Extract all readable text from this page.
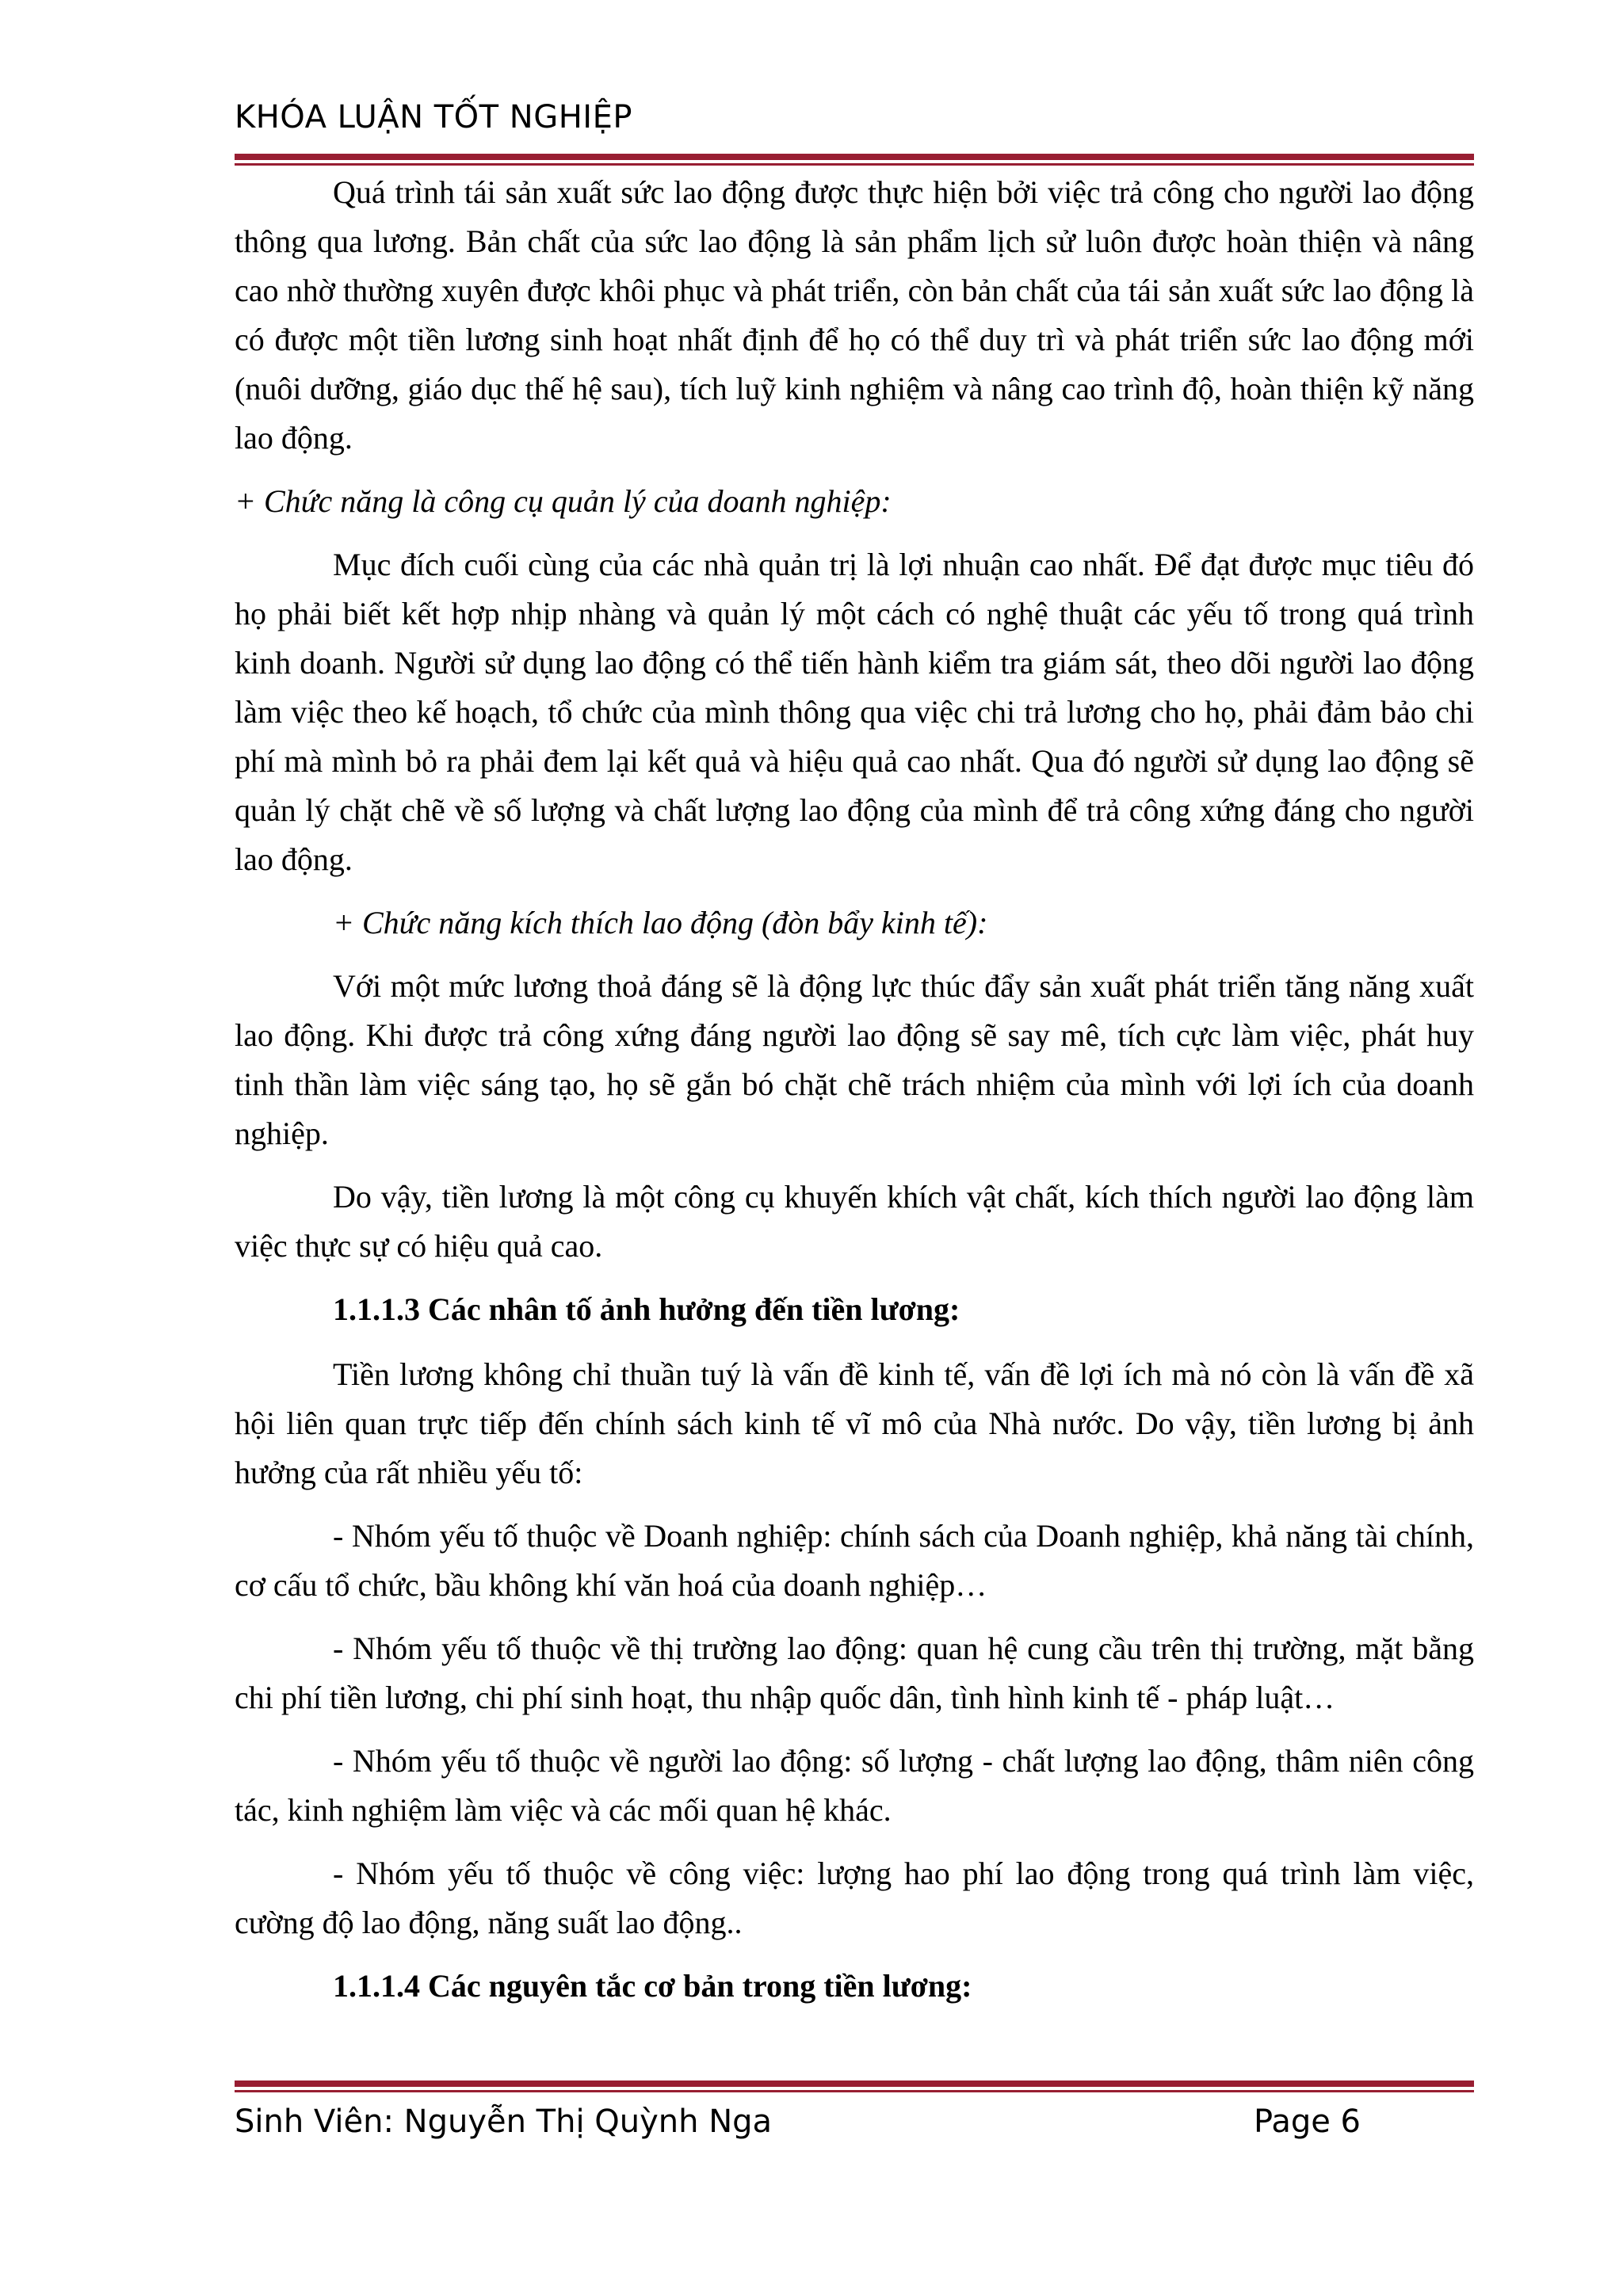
KHÓA LUẬN TỐT NGHIỆP

Quá trình tái sản xuất sức lao động được thực hiện bởi việc trả công cho người lao động thông qua lương. Bản chất của sức lao động là sản phẩm lịch sử luôn được hoàn thiện và nâng cao nhờ thường xuyên được khôi phục và phát triển, còn bản chất của tái sản xuất sức lao động là có được một tiền lương sinh hoạt nhất định để họ có thể duy trì và phát triển sức lao động mới (nuôi dưỡng, giáo dục thế hệ sau), tích luỹ kinh nghiệm và nâng cao trình độ, hoàn thiện kỹ năng lao động.

+ Chức năng là công cụ quản lý của doanh nghiệp:

Mục đích cuối cùng của các nhà quản trị là lợi nhuận cao nhất. Để đạt được mục tiêu đó họ phải biết kết hợp nhịp nhàng và quản lý một cách có nghệ thuật các yếu tố trong quá trình kinh doanh. Người sử dụng lao động có thể tiến hành kiểm tra giám sát, theo dõi người lao động làm việc theo kế hoạch, tổ chức của mình thông qua việc chi trả lương cho họ, phải đảm bảo chi phí mà mình bỏ ra phải đem lại kết quả và hiệu quả cao nhất. Qua đó người sử dụng lao động sẽ quản lý chặt chẽ về số lượng và chất lượng lao động của mình để trả công xứng đáng cho người lao động.

+ Chức năng kích thích lao động (đòn bẩy kinh tế):

Với một mức lương thoả đáng sẽ là động lực thúc đẩy sản xuất phát triển tăng năng xuất lao động. Khi được trả công xứng đáng người lao động sẽ say mê, tích cực làm việc, phát huy tinh thần làm việc sáng tạo, họ sẽ gắn bó chặt chẽ trách nhiệm của mình với lợi ích của doanh nghiệp.

Do vậy, tiền lương là một công cụ khuyến khích vật chất, kích thích người lao động làm việc thực sự có hiệu quả cao.

1.1.1.3 Các nhân tố ảnh hưởng đến tiền lương:

Tiền lương không chỉ thuần tuý là vấn đề kinh tế, vấn đề lợi ích mà nó còn là vấn đề xã hội liên quan trực tiếp đến chính sách kinh tế vĩ mô của Nhà nước. Do vậy, tiền lương bị ảnh hưởng của rất nhiều yếu tố:

- Nhóm yếu tố thuộc về Doanh nghiệp: chính sách của Doanh nghiệp, khả năng tài chính, cơ cấu tổ chức, bầu không khí văn hoá của doanh nghiệp…

- Nhóm yếu tố thuộc về thị trường lao động: quan hệ cung cầu trên thị trường, mặt bằng chi phí tiền lương, chi phí sinh hoạt, thu nhập quốc dân, tình hình kinh tế - pháp luật…

- Nhóm yếu tố thuộc về người lao động: số lượng - chất lượng lao động, thâm niên công tác, kinh nghiệm làm việc và các mối quan hệ khác.

- Nhóm yếu tố thuộc về công việc: lượng hao phí lao động trong quá trình làm việc, cường độ lao động, năng suất lao động..

1.1.1.4 Các nguyên tắc cơ bản trong tiền lương:

Sinh Viên: Nguyễn Thị Quỳnh Nga	Page 6
